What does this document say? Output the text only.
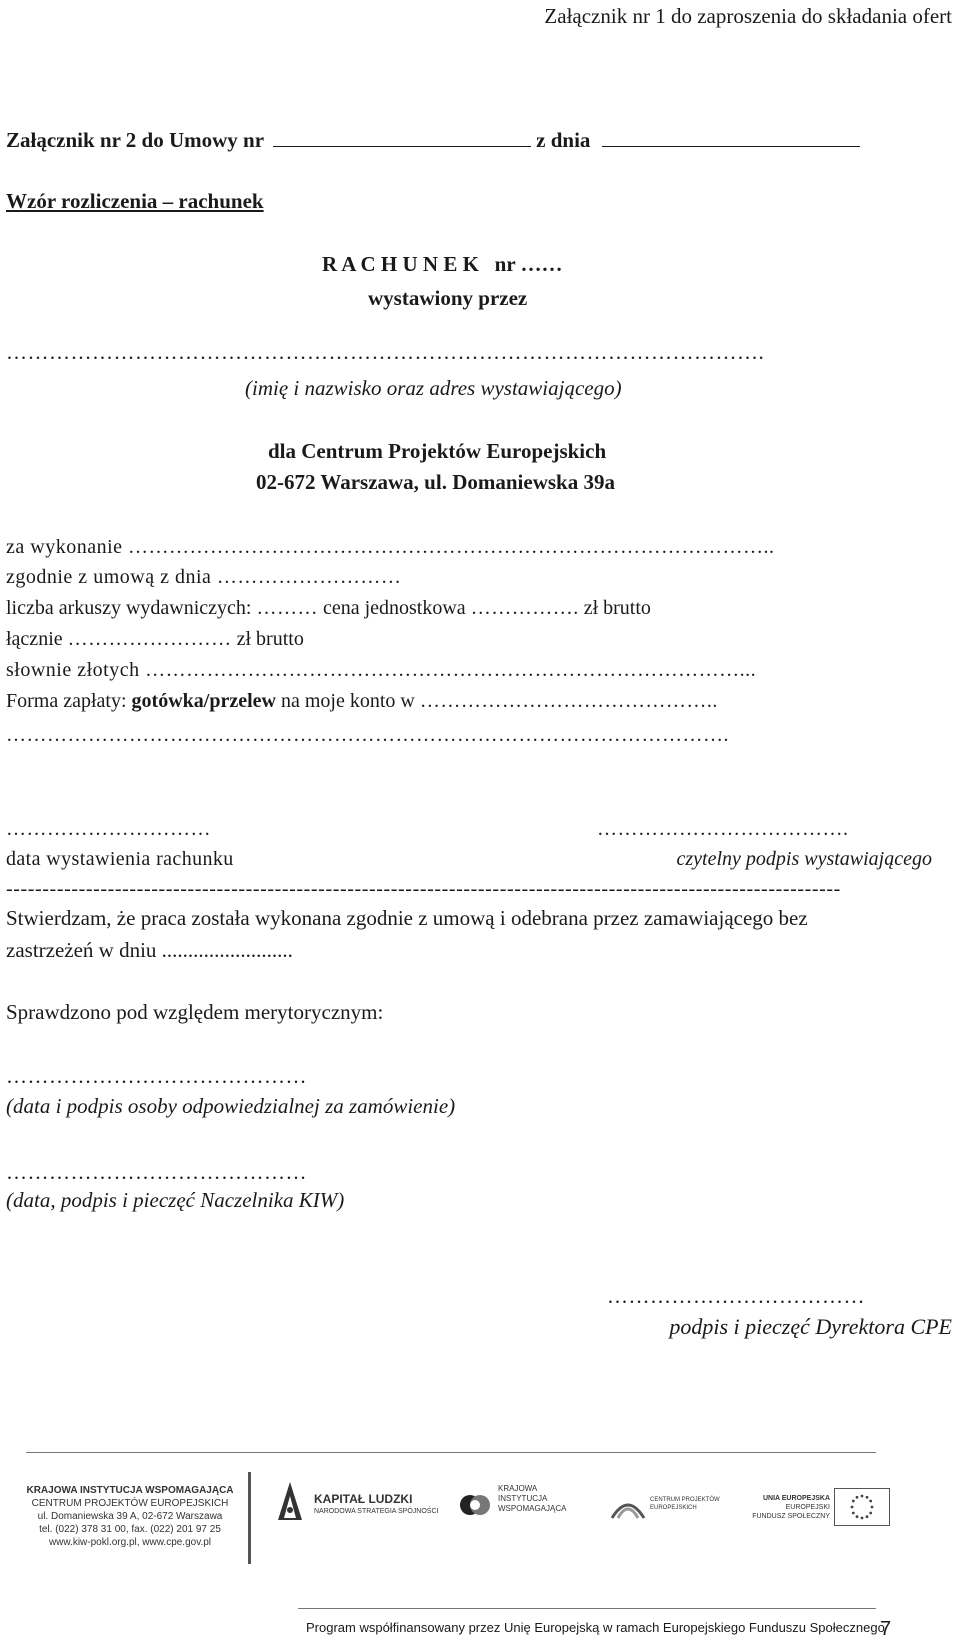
Załącznik nr 1 do zaproszenia do składania ofert
Załącznik nr 2 do Umowy nr	z dnia
Wzór rozliczenia – rachunek
R A C H U N E K   nr ……
wystawiony przez
…………………………………………………………………………………………….
(imię i nazwisko oraz adres wystawiającego)
dla Centrum Projektów Europejskich
02-672 Warszawa, ul. Domaniewska 39a
za wykonanie …………………………………………………………………………………..
zgodnie z umową z dnia ………………………
liczba arkuszy wydawniczych: ……… cena jednostkowa ……………. zł brutto
łącznie …………………… zł brutto
słownie złotych ……………………………………………………………………………...
Forma zapłaty: gotówka/przelew na moje konto w ……………………………………..
…………………………………………………………………………………………….
…………………………
data wystawienia rachunku
……………………………….
czytelny podpis wystawiającego
-------------------------------------------------------------------------------------------------------------------
Stwierdzam, że praca została wykonana zgodnie z umową i odebrana przez zamawiającego bez
zastrzeżeń w dniu .........................
Sprawdzono pod względem merytorycznym:
……………………………………
(data i podpis osoby odpowiedzialnej za zamówienie)
……………………………………
(data, podpis i pieczęć Naczelnika KIW)
………………………………
podpis i pieczęć Dyrektora CPE
KRAJOWA INSTYTUCJA WSPOMAGAJĄCA
CENTRUM PROJEKTÓW EUROPEJSKICH
ul. Domaniewska 39 A, 02-672 Warszawa
tel. (022) 378 31 00, fax. (022) 201 97 25
www.kiw-pokl.org.pl, www.cpe.gov.pl
KAPITAŁ LUDZKI
NARODOWA STRATEGIA SPÓJNOŚCI
KRAJOWA
INSTYTUCJA
WSPOMAGAJĄCA
CENTRUM PROJEKTÓW
EUROPEJSKICH
UNIA EUROPEJSKA
EUROPEJSKI
FUNDUSZ SPOŁECZNY
Program współfinansowany przez Unię Europejską w ramach Europejskiego Funduszu Społecznego
7
